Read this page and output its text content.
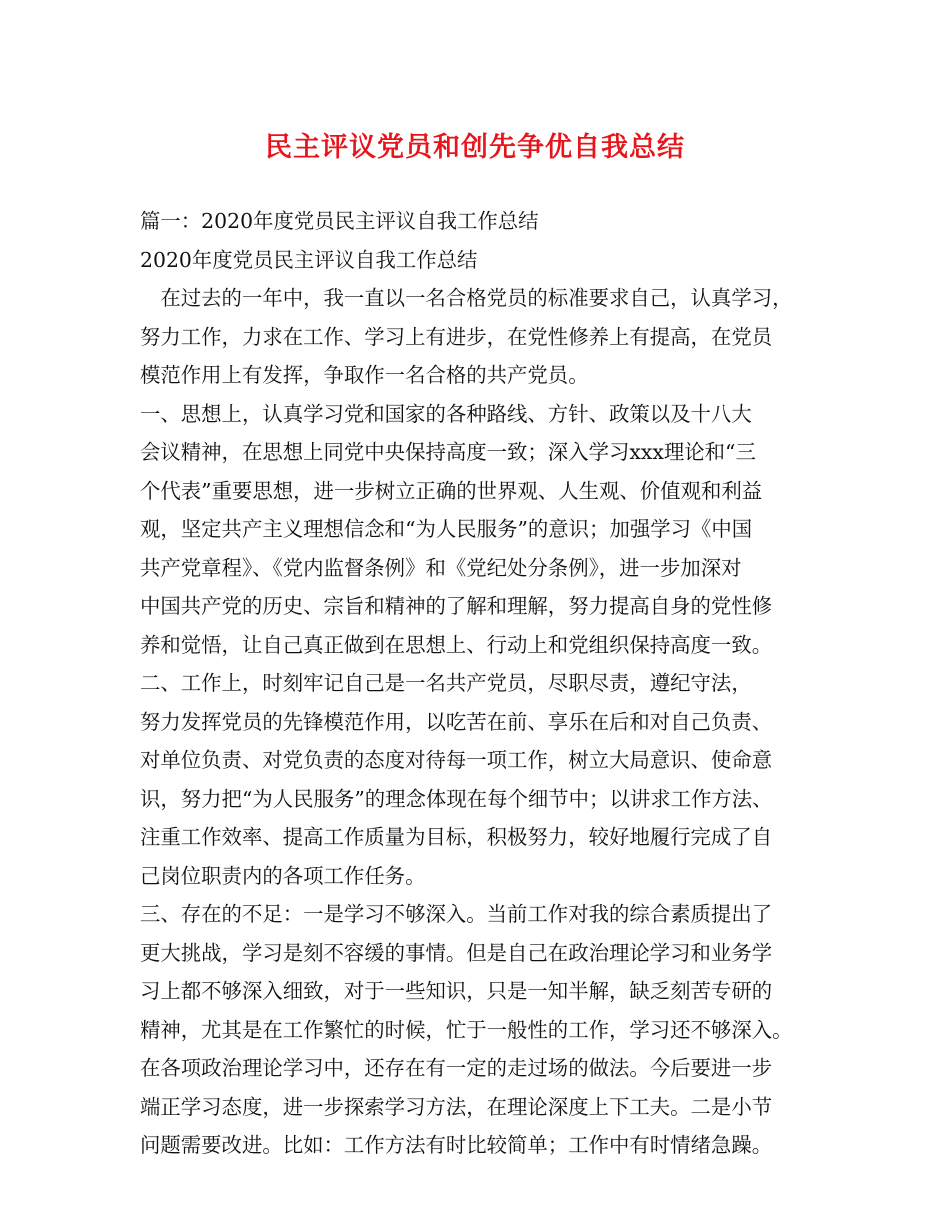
民主评议党员和创先争优自我总结
篇一：2020年度党员民主评议自我工作总结
2020年度党员民主评议自我工作总结
　在过去的一年中，我一直以一名合格党员的标准要求自己，认真学习，
努力工作，力求在工作、学习上有进步，在党性修养上有提高，在党员
模范作用上有发挥，争取作一名合格的共产党员。
一、思想上，认真学习党和国家的各种路线、方针、政策以及十八大
会议精神，在思想上同党中央保持高度一致；深入学习xxx理论和“三
个代表”重要思想，进一步树立正确的世界观、人生观、价值观和利益
观，坚定共产主义理想信念和“为人民服务”的意识；加强学习《中国
共产党章程》、《党内监督条例》和《党纪处分条例》，进一步加深对
中国共产党的历史、宗旨和精神的了解和理解，努力提高自身的党性修
养和觉悟，让自己真正做到在思想上、行动上和党组织保持高度一致。
二、工作上，时刻牢记自己是一名共产党员，尽职尽责，遵纪守法，
努力发挥党员的先锋模范作用，以吃苦在前、享乐在后和对自己负责、
对单位负责、对党负责的态度对待每一项工作，树立大局意识、使命意
识，努力把“为人民服务”的理念体现在每个细节中；以讲求工作方法、
注重工作效率、提高工作质量为目标，积极努力，较好地履行完成了自
己岗位职责内的各项工作任务。
三、存在的不足：一是学习不够深入。当前工作对我的综合素质提出了
更大挑战，学习是刻不容缓的事情。但是自己在政治理论学习和业务学
习上都不够深入细致，对于一些知识，只是一知半解，缺乏刻苦专研的
精神，尤其是在工作繁忙的时候，忙于一般性的工作，学习还不够深入。
在各项政治理论学习中，还存在有一定的走过场的做法。今后要进一步
端正学习态度，进一步探索学习方法，在理论深度上下工夫。二是小节
问题需要改进。比如：工作方法有时比较简单；工作中有时情绪急躁。
